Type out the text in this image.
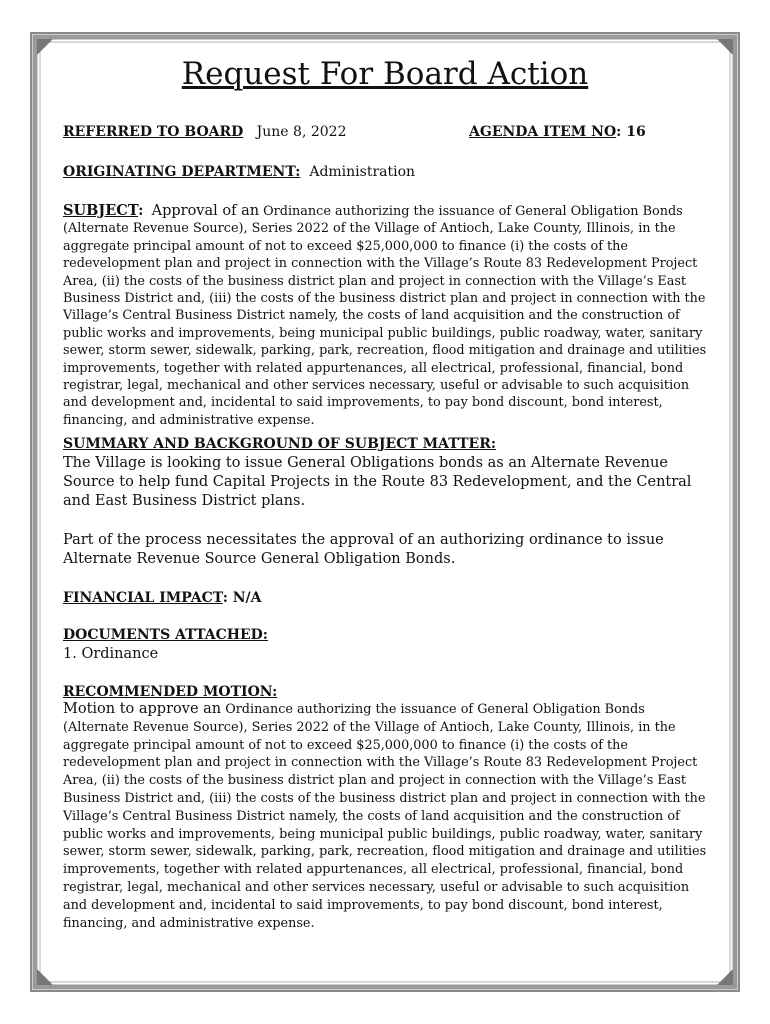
Request For Board Action
REFERRED TO BOARD June 8, 2022	AGENDA ITEM NO: 16
ORIGINATING DEPARTMENT: Administration
SUBJECT: Approval of an Ordinance authorizing the issuance of General Obligation Bonds (Alternate Revenue Source), Series 2022 of the Village of Antioch, Lake County, Illinois, in the aggregate principal amount of not to exceed $25,000,000 to finance (i) the costs of the redevelopment plan and project in connection with the Village’s Route 83 Redevelopment Project Area, (ii) the costs of the business district plan and project in connection with the Village’s East Business District and, (iii) the costs of the business district plan and project in connection with the Village’s Central Business District namely, the costs of land acquisition and the construction of public works and improvements, being municipal public buildings, public roadway, water, sanitary sewer, storm sewer, sidewalk, parking, park, recreation, flood mitigation and drainage and utilities improvements, together with related appurtenances, all electrical, professional, financial, bond registrar, legal, mechanical and other services necessary, useful or advisable to such acquisition and development and, incidental to said improvements, to pay bond discount, bond interest, financing, and administrative expense.
SUMMARY AND BACKGROUND OF SUBJECT MATTER:
The Village is looking to issue General Obligations bonds as an Alternate Revenue Source to help fund Capital Projects in the Route 83 Redevelopment, and the Central and East Business District plans.
Part of the process necessitates the approval of an authorizing ordinance to issue Alternate Revenue Source General Obligation Bonds.
FINANCIAL IMPACT: N/A
DOCUMENTS ATTACHED:
1. Ordinance
RECOMMENDED MOTION:
Motion to approve an Ordinance authorizing the issuance of General Obligation Bonds (Alternate Revenue Source), Series 2022 of the Village of Antioch, Lake County, Illinois, in the aggregate principal amount of not to exceed $25,000,000 to finance (i) the costs of the redevelopment plan and project in connection with the Village’s Route 83 Redevelopment Project Area, (ii) the costs of the business district plan and project in connection with the Village’s East Business District and, (iii) the costs of the business district plan and project in connection with the Village’s Central Business District namely, the costs of land acquisition and the construction of public works and improvements, being municipal public buildings, public roadway, water, sanitary sewer, storm sewer, sidewalk, parking, park, recreation, flood mitigation and drainage and utilities improvements, together with related appurtenances, all electrical, professional, financial, bond registrar, legal, mechanical and other services necessary, useful or advisable to such acquisition and development and, incidental to said improvements, to pay bond discount, bond interest, financing, and administrative expense.
